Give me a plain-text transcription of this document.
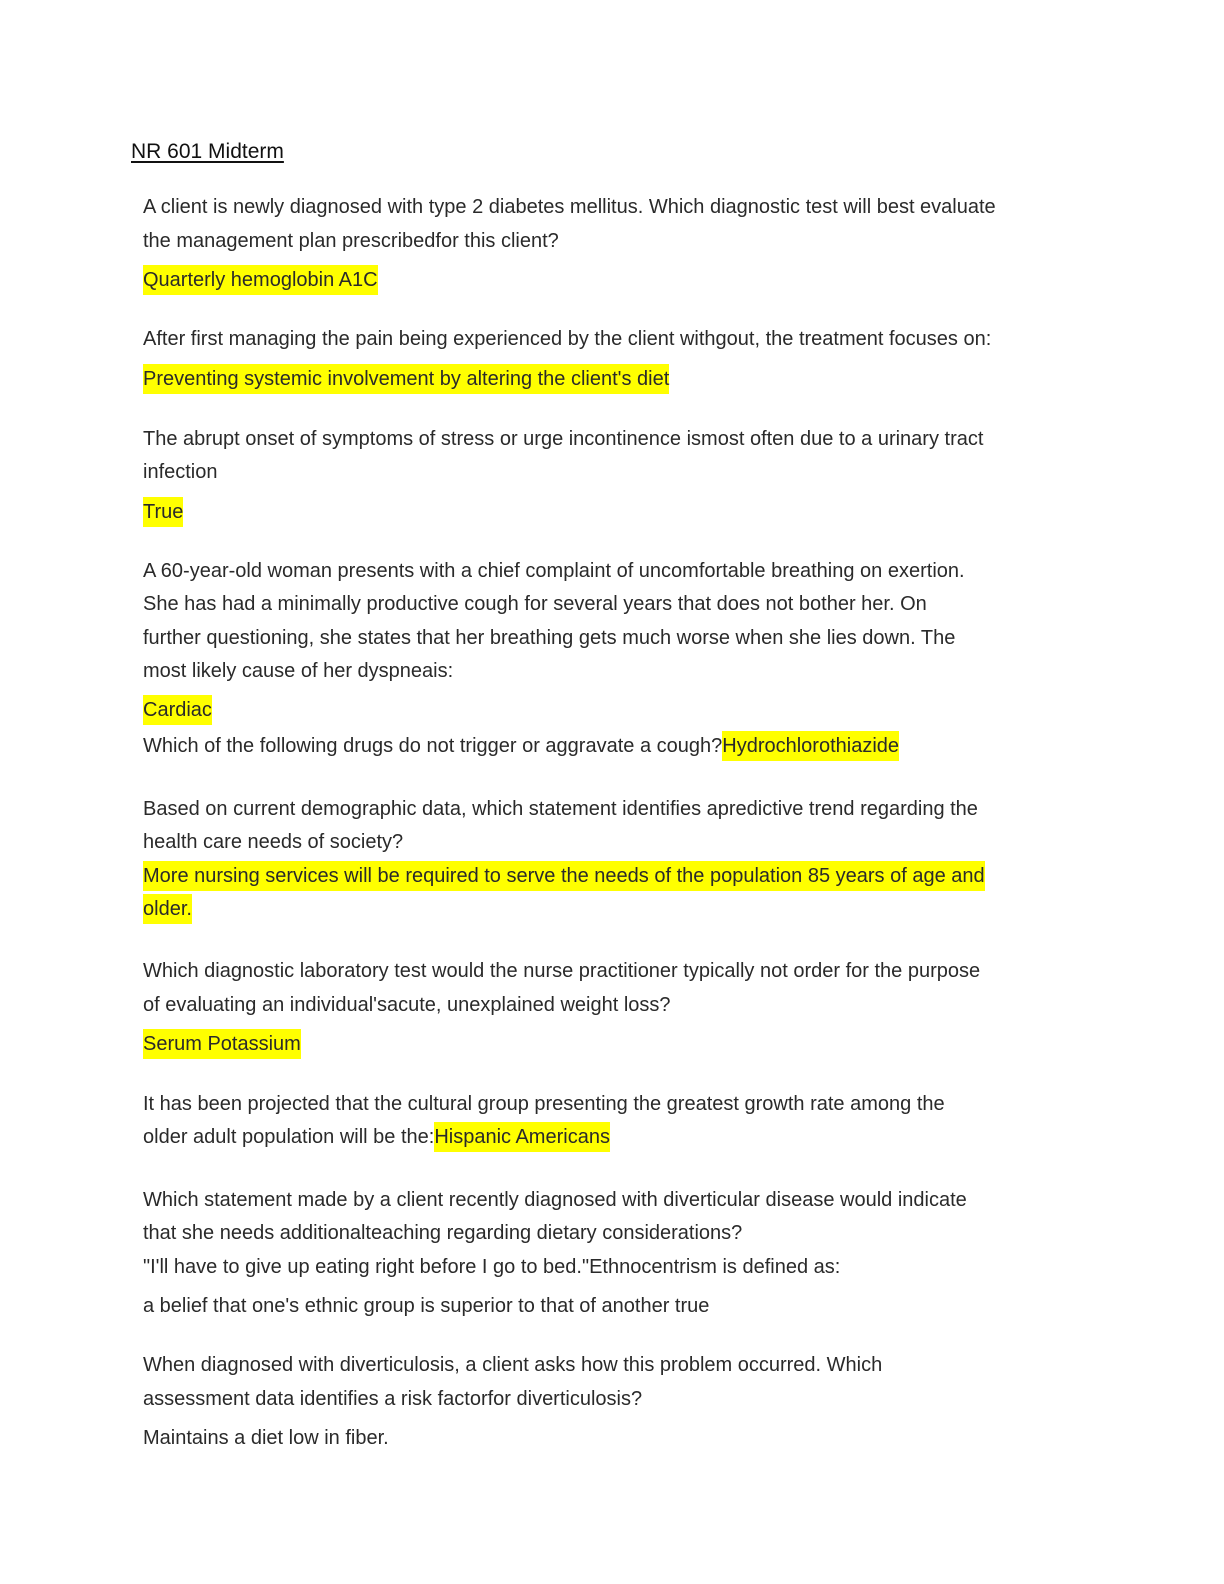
NR 601 Midterm

A client is newly diagnosed with type 2 diabetes mellitus. Which diagnostic test will best evaluate

the management plan prescribedfor this client?

Quarterly hemoglobin A1C

After first managing the pain being experienced by the client withgout, the treatment focuses on:

Preventing systemic involvement by altering the client's diet

The abrupt onset of symptoms of stress or urge incontinence ismost often due to a urinary tract

infection

True

A 60-year-old woman presents with a chief complaint of uncomfortable breathing on exertion.

She has had a minimally productive cough for several years that does not bother her. On

further questioning, she states that her breathing gets much worse when she lies down. The

most likely cause of her dyspneais:

Cardiac

Which of the following drugs do not trigger or aggravate a cough?Hydrochlorothiazide

Based on current demographic data, which statement identifies apredictive trend regarding the

health care needs of society?

More nursing services will be required to serve the needs of the population 85 years of age and

older.

Which diagnostic laboratory test would the nurse practitioner typically not order for the purpose

of evaluating an individual'sacute, unexplained weight loss?

Serum Potassium

It has been projected that the cultural group presenting the greatest growth rate among the

older adult population will be the:Hispanic Americans

Which statement made by a client recently diagnosed with diverticular disease would indicate

that she needs additionalteaching regarding dietary considerations?

"I'll have to give up eating right before I go to bed."Ethnocentrism is defined as:

a belief that one's ethnic group is superior to that of another true

When diagnosed with diverticulosis, a client asks how this problem occurred. Which

assessment data identifies a risk factorfor diverticulosis?

Maintains a diet low in fiber.
